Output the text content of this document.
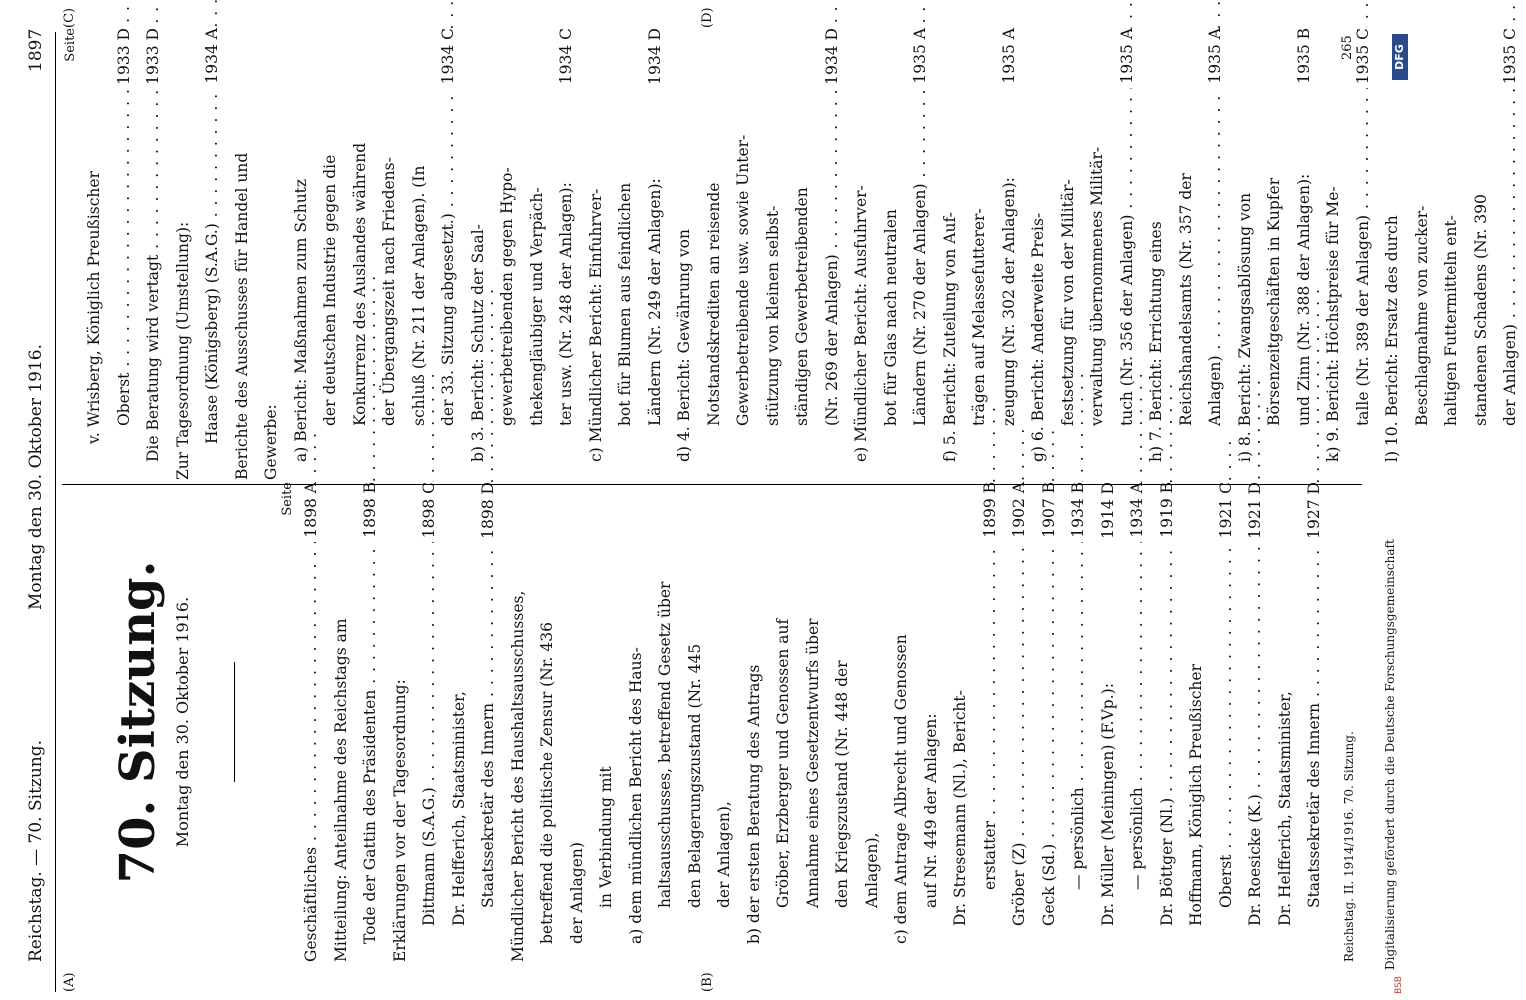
Reichstag. — 70. Sitzung.
Montag den 30. Oktober 1916.
1897
(A)	(B)
(C)	(D)
70. Sitzung. Montag den 30. Oktober 1916.
Seite
Geschäftliches . . .
1898 A
Mitteilung: Anteilnahme des Reichstags am Tode der Gattin des Präsidenten . . .
1898 B
Erklärungen vor der Tagesordnung: Dittmann (S.A.G.) . . .
1898 C
Dr. Helfferich, Staatsminister, Staatssekretär des Innern . . .
1898 D
Mündlicher Bericht des Haushaltsausschusses, betreffend die politische Zensur (Nr. 436 der Anlagen) in Verbindung mit a) dem mündlichen Bericht des Haus- haltsausschusses, betreffend Gesetz über den Belagerungszustand (Nr. 445 der Anlagen), b) der ersten Beratung des Antrags Gröber, Erzberger und Genossen auf Annahme eines Gesetzentwurfs über den Kriegszustand (Nr. 448 der Anlagen), c) dem Antrage Albrecht und Genossen auf Nr. 449 der Anlagen: Dr. Stresemann (Nl.), Bericht- erstatter . . .
1899 B
Gröber (Z) . . .
1902 A
Geck (Sd.) . . .
1907 B
— persönlich . . .
1934 B
Dr. Müller (Meiningen) (F.Vp.):
1914 D
— persönlich . . .
1934 A
Dr. Böttger (Nl.) . . .
1919 B
Hoffmann, Königlich Preußischer Oberst . . .
1921 C
Dr. Roesicke (K.) . . .
1921 D
Dr. Helfferich, Staatsminister, Staatssekretär des Innern . . .
1927 D
Seite
v. Wrisberg, Königlich Preußischer Oberst . . .
1933 D
Die Beratung wird vertagt . . .
1933 D
Zur Tagesordnung (Umstellung): Haase (Königsberg) (S.A.G.) . . .
1934 A
Berichte des Ausschusses für Handel und Gewerbe: a) Bericht: Maßnahmen zum Schutz der deutschen Industrie gegen die Konkurrenz des Auslandes während der Übergangszeit nach Friedens- schluß (Nr. 211 der Anlagen). (In der 33. Sitzung abgesetzt.) . . .
1934 C
b) 3. Bericht: Schutz der Saal- gewerbetreibenden gegen Hypo- thekengläubiger und Verpäch- ter usw. (Nr. 248 der Anlagen):
1934 C
c) Mündlicher Bericht: Einfuhrver- bot für Blumen aus feindlichen Ländern (Nr. 249 der Anlagen):
1934 D
d) 4. Bericht: Gewährung von Notstandskrediten an reisende Gewerbetreibende usw. sowie Unter- stützung von kleinen selbst- ständigen Gewerbetreibenden (Nr. 269 der Anlagen) . . .
1934 D
e) Mündlicher Bericht: Ausfuhrver- bot für Glas nach neutralen Ländern (Nr. 270 der Anlagen) . . .
1935 A
f) 5. Bericht: Zuteilung von Auf- trägen auf Melassefutterer- zeugung (Nr. 302 der Anlagen):
1935 A
g) 6. Bericht: Anderweite Preis- festsetzung für von der Militär- verwaltung übernommenes Militär- tuch (Nr. 356 der Anlagen) . . .
1935 A
h) 7. Bericht: Errichtung eines Reichshandelsamts (Nr. 357 der Anlagen) . . .
1935 A
i) 8. Bericht: Zwangsablösung von Börsenzeitgeschäften in Kupfer und Zinn (Nr. 388 der Anlagen):
1935 B
k) 9. Bericht: Höchstpreise für Me- talle (Nr. 389 der Anlagen) . . .
1935 C
l) 10. Bericht: Ersatz des durch Beschlagnahme von zucker- haltigen Futtermitteln ent- standenen Schadens (Nr. 390 der Anlagen) . . .
1935 C
Reichstag. II. 1914/1916. 70. Sitzung.
265
Digitalisierung gefördert durch die Deutsche Forschungsgemeinschaft
DFG
BSB
